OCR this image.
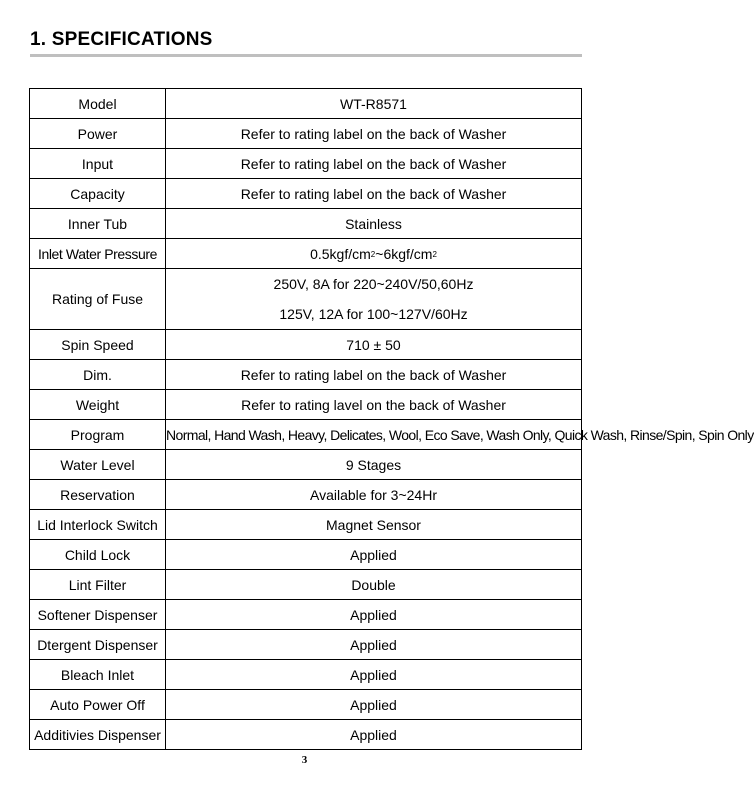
1. SPECIFICATIONS
Model	WT-R8571
Power	Refer to rating label on the back of Washer
Input	Refer to rating label on the back of Washer
Capacity	Refer to rating label on the back of Washer
Inner Tub	Stainless
Inlet Water Pressure	$0.5kgf/cm^2\sim 6kgf/cm^2$
Rating of Fuse	250V, 8A for 220~240V/50,60Hz
125V, 12A for 100~127V/60Hz

Spin Speed	710 ± 50
Dim.	Refer to rating label on the back of Washer
Weight	Refer to rating lavel on the back of Washer
Program	Normal, Hand Wash, Heavy, Delicates, Wool, Eco Save, Wash Only, Quick Wash, Rinse/Spin, Spin Only
Water Level	9 Stages
Reservation	Available for 3~24Hr
Lid Interlock Switch	Magnet Sensor
Child Lock	Applied
Lint Filter	Double
Softener Dispenser	Applied
Dtergent Dispenser	Applied
Bleach Inlet	Applied
Auto Power Off	Applied
Additivies Dispenser	Applied
3
